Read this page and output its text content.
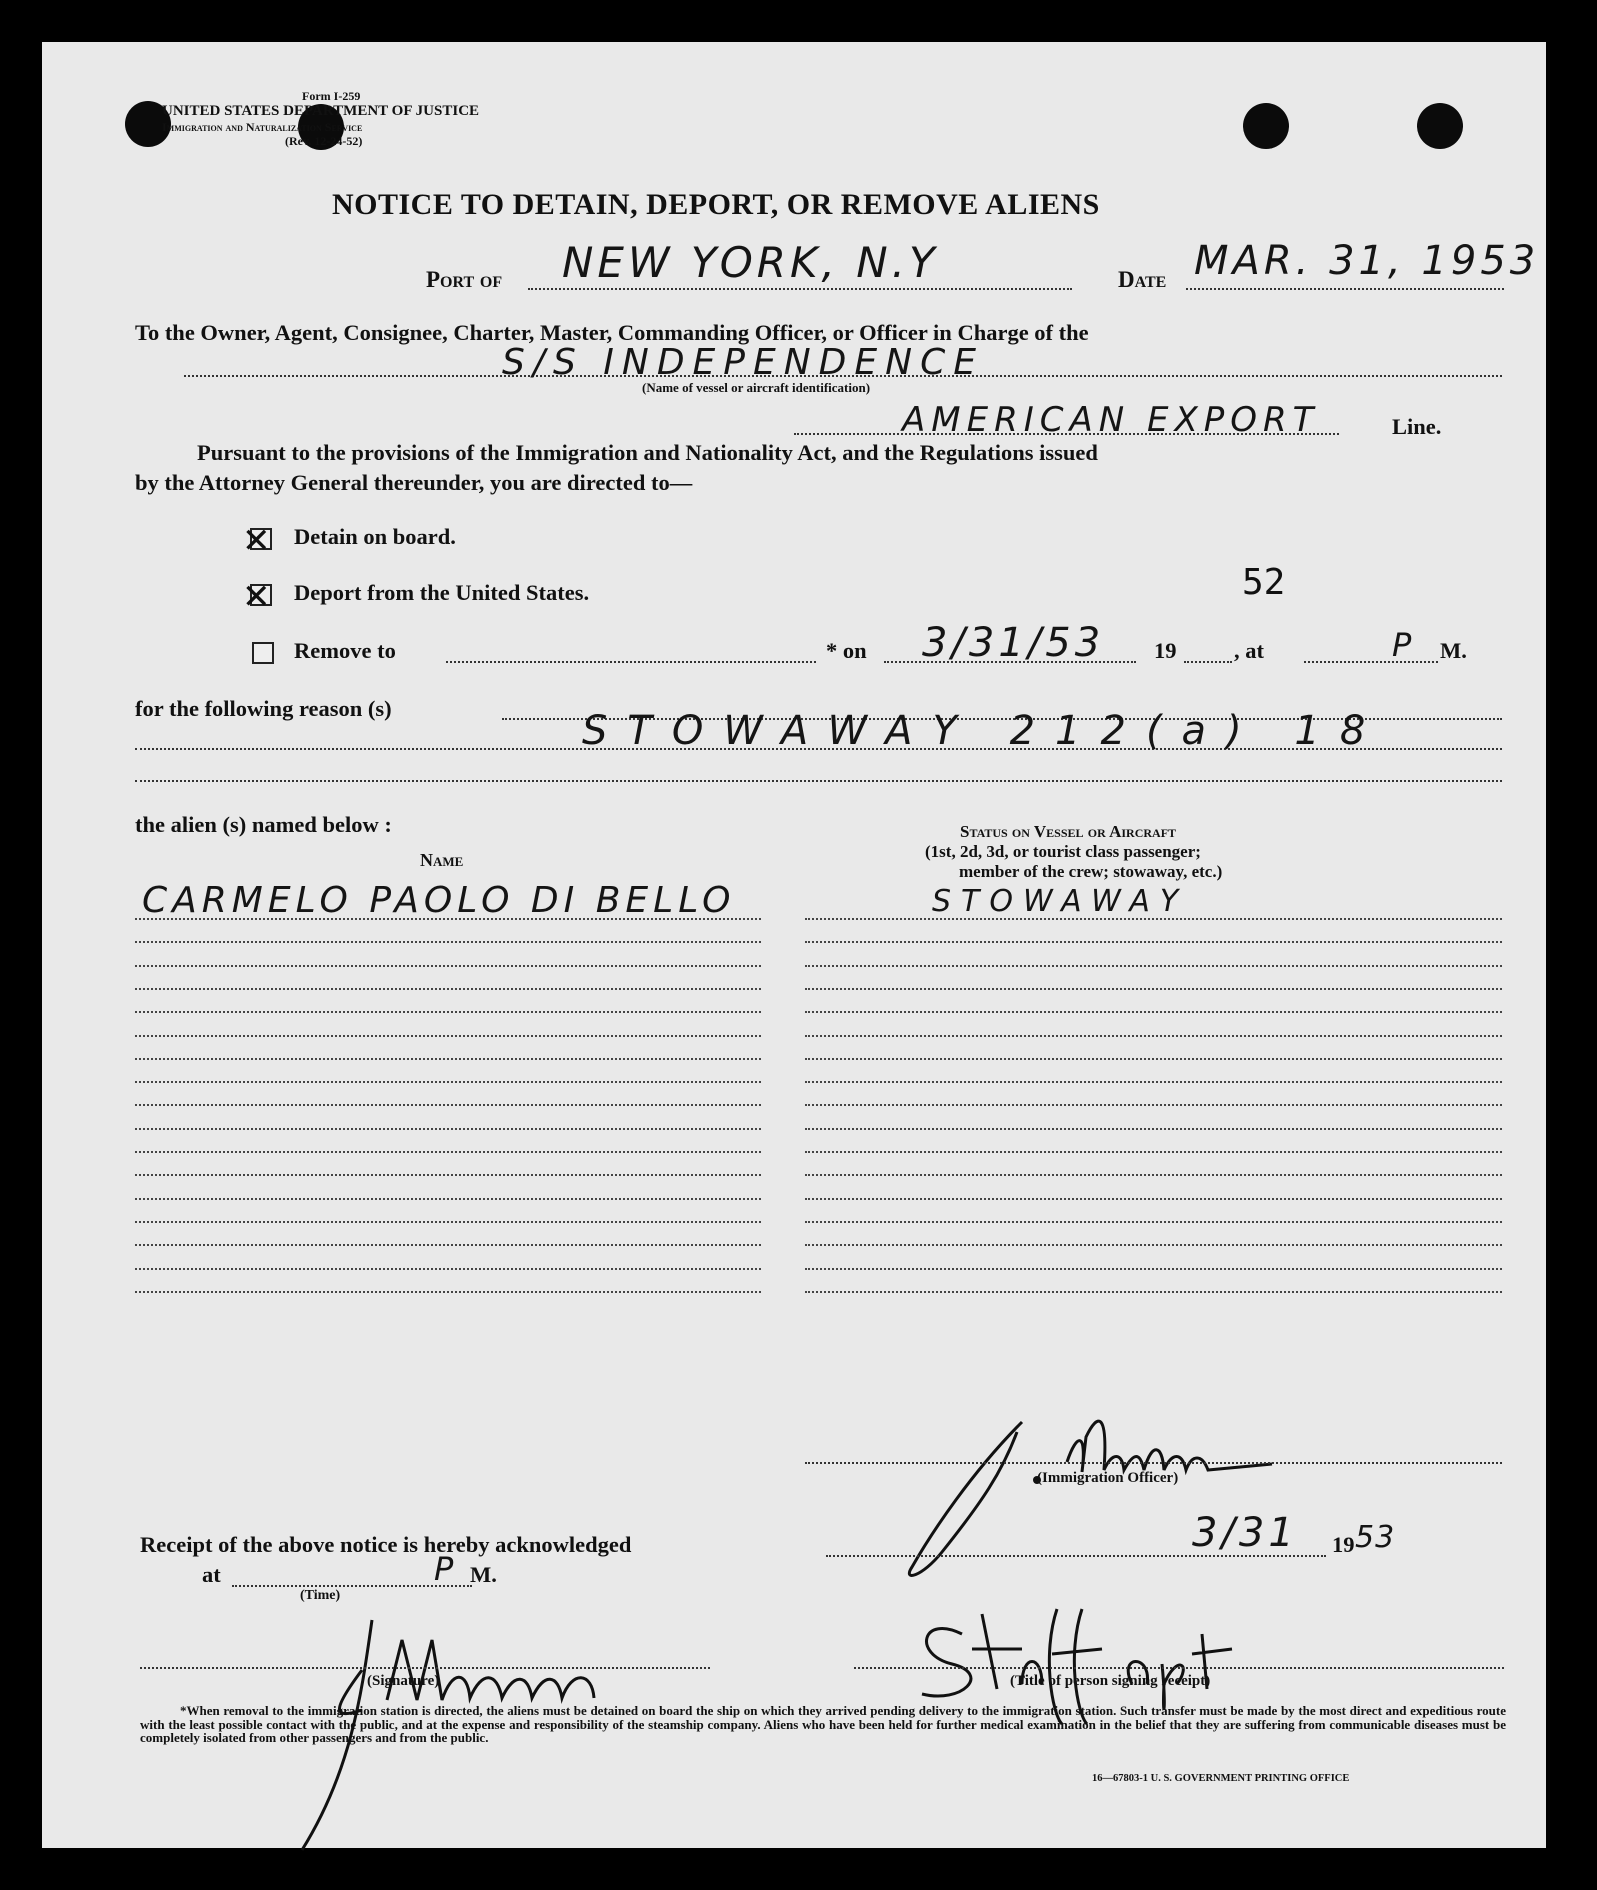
Form I-259
UNITED STATES DEPARTMENT OF JUSTICE
Immigration and Naturalization Service
(Rev. 12-24-52)
NOTICE TO DETAIN, DEPORT, OR REMOVE ALIENS
Port of NEW YORK, N.Y	Date MAR. 31, 1953
To the Owner, Agent, Consignee, Charter, Master, Commanding Officer, or Officer in Charge of the
S/S INDEPENDENCE
(Name of vessel or aircraft identification)
AMERICAN EXPORT	Line.
Pursuant to the provisions of the Immigration and Nationality Act, and the Regulations issued
by the Attorney General thereunder, you are directed to—
✕ Detain on board.
✕ Deport from the United States.	52
Remove to	* on 3/31/53 19	, at	P M.
for the following reason (s)	STOWAWAY 212(a) 18
the alien (s) named below :
Name
Status on Vessel or Aircraft
(1st, 2d, 3d, or tourist class passenger;
member of the crew; stowaway, etc.)
CARMELO PAOLO DI BELLO	STOWAWAY
(Immigration Officer)
Receipt of the above notice is hereby acknowledged	3/31 19 53
at	P M.
(Time)
(Signature)	(Title of person signing receipt)
*When removal to the immigration station is directed, the aliens must be detained on board the ship on which they arrived pending delivery to the immigration station. Such transfer must be made by the most direct and expeditious route with the least possible contact with the public, and at the expense and responsibility of the steamship company. Aliens who have been held for further medical examination in the belief that they are suffering from communicable diseases must be completely isolated from other passengers and from the public.
16—67803-1 U. S. GOVERNMENT PRINTING OFFICE
